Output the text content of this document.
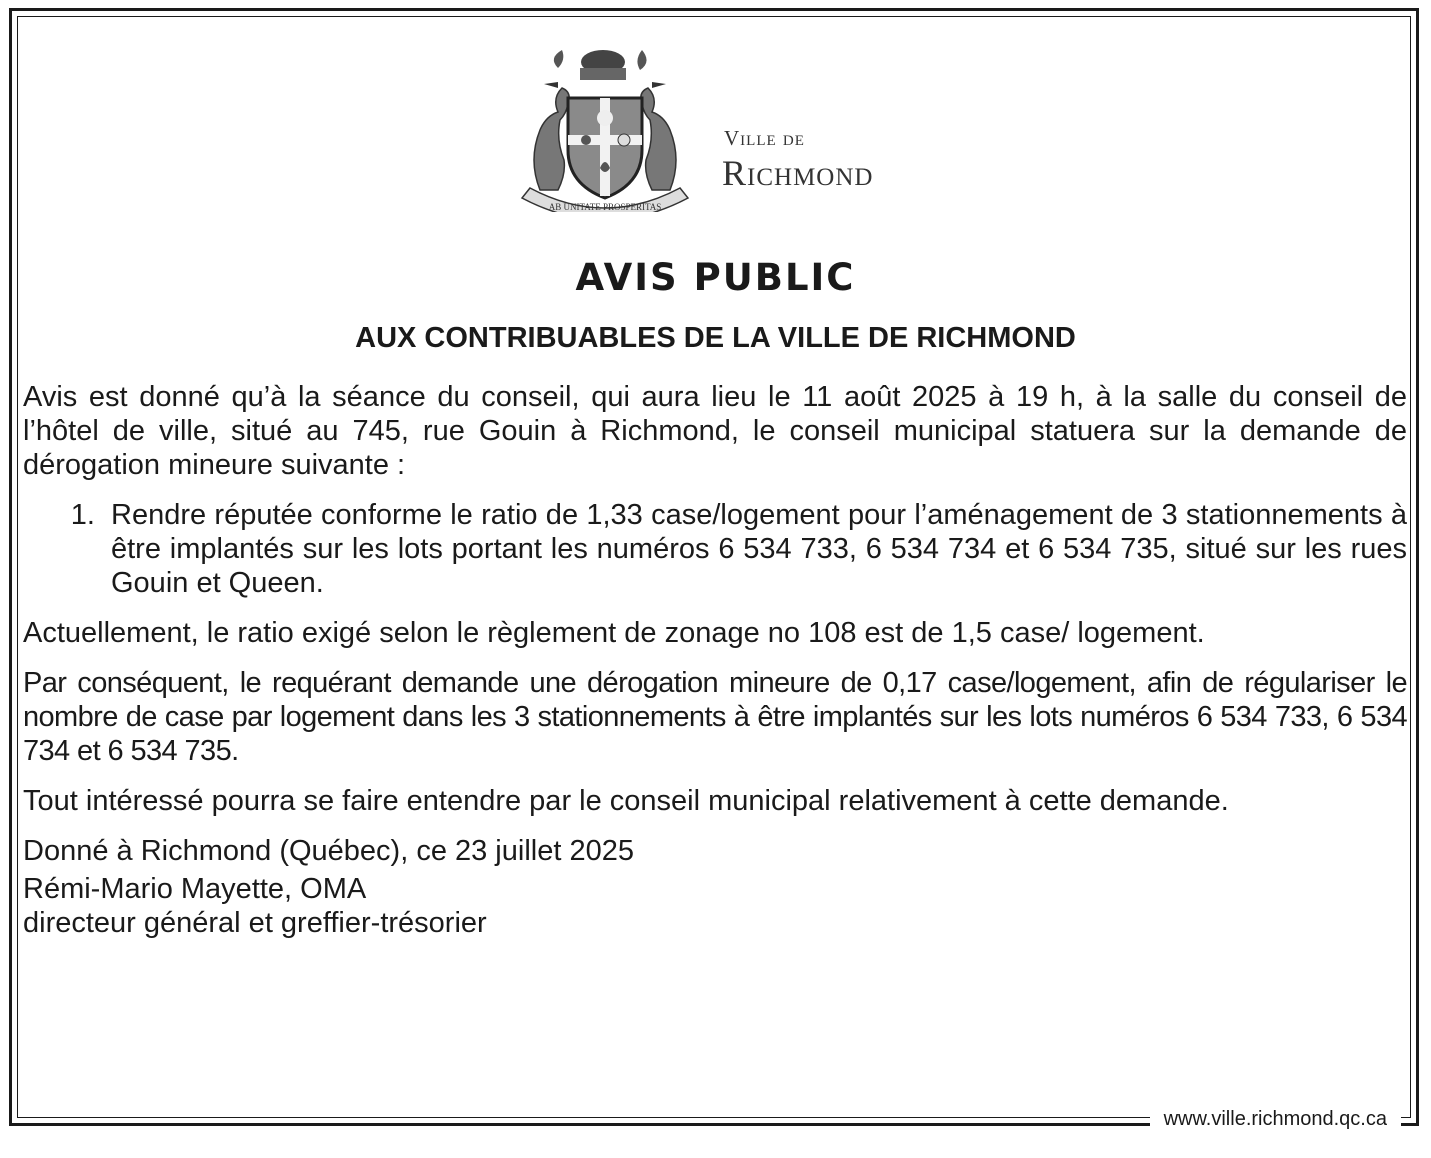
AB UNITATE PROSPERITAS
Ville de
Richmond
AVIS PUBLIC
AUX CONTRIBUABLES DE LA VILLE DE RICHMOND

Avis est donné qu’à la séance du conseil, qui aura lieu le 11 août 2025 à 19 h, à la salle du conseil de l’hôtel de ville, situé au 745, rue Gouin à Richmond, le conseil municipal statuera sur la demande de dérogation mineure suivante :

1. Rendre réputée conforme le ratio de 1,33 case/logement pour l’aménagement de 3 stationnements à être implantés sur les lots portant les numéros 6 534 733, 6 534 734 et 6 534 735, situé sur les rues Gouin et Queen.

Actuellement, le ratio exigé selon le règlement de zonage no 108 est de 1,5 case/ logement.

Par conséquent, le requérant demande une dérogation mineure de 0,17 case/logement, afin de régulariser le nombre de case par logement dans les 3 stationnements à être implantés sur les lots numéros 6 534 733, 6 534 734 et 6 534 735.

Tout intéressé pourra se faire entendre par le conseil municipal relativement à cette demande.

Donné à Richmond (Québec), ce 23 juillet 2025

Rémi-Mario Mayette, OMA

directeur général et greffier-trésorier

www.ville.richmond.qc.ca
